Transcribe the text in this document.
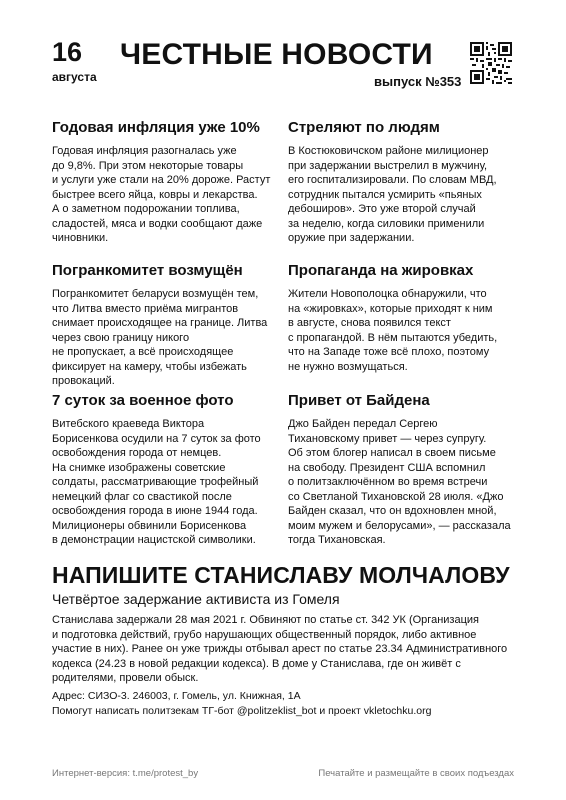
16
августа
ЧЕСТНЫЕ НОВОСТИ
выпуск №353
Годовая инфляция уже 10%

Годовая инфляция разогналась уже
до 9,8%. При этом некоторые товары
и услуги уже стали на 20% дороже. Растут
быстрее всего яйца, ковры и лекарства.
А о заметном подорожании топлива,
сладостей, мяса и водки сообщают даже
чиновники.

Погранкомитет возмущён

Погранкомитет беларуси возмущён тем,
что Литва вместо приёма мигрантов
снимает происходящее на границе. Литва
через свою границу никого
не пропускает, а всё происходящее
фиксирует на камеру, чтобы избежать
провокаций.

7 суток за военное фото

Витебского краеведа Виктора
Борисенкова осудили на 7 суток за фото
освобождения города от немцев.
На снимке изображены советские
солдаты, рассматривающие трофейный
немецкий флаг со свастикой после
освобождения города в июне 1944 года.
Милиционеры обвинили Борисенкова
в демонстрации нацистской символики.

Стреляют по людям

В Костюковичском районе милиционер
при задержании выстрелил в мужчину,
его госпитализировали. По словам МВД,
сотрудник пытался усмирить «пьяных
дебоширов». Это уже второй случай
за неделю, когда силовики применили
оружие при задержании.

Пропаганда на жировках

Жители Новополоцка обнаружили, что
на «жировках», которые приходят к ним
в августе, снова появился текст
с пропагандой. В нём пытаются убедить,
что на Западе тоже всё плохо, поэтому
не нужно возмущаться.

Привет от Байдена

Джо Байден передал Сергею
Тихановскому привет — через супругу.
Об этом блогер написал в своем письме
на свободу. Президент США вспомнил
о политзаключённом во время встречи
со Светланой Тихановской 28 июля. «Джо
Байден сказал, что он вдохновлен мной,
моим мужем и белорусами», — рассказала
тогда Тихановская.

НАПИШИТЕ СТАНИСЛАВУ МОЛЧАЛОВУ
Четвёртое задержание активиста из Гомеля

Станислава задержали 28 мая 2021 г. Обвиняют по статье ст. 342 УК (Организация
и подготовка действий, грубо нарушающих общественный порядок, либо активное
участие в них). Ранее он уже трижды отбывал арест по статье 23.34 Административного
кодекса (24.23 в новой редакции кодекса). В доме у Станислава, где он живёт с
родителями, провели обыск.

Адрес: СИЗО-3. 246003, г. Гомель, ул. Книжная, 1А
Помогут написать политзекам ТГ-бот @politzeklist_bot и проект vkletochku.org
Интернет-версия: t.me/protest_by	Печатайте и размещайте в своих подъездах
